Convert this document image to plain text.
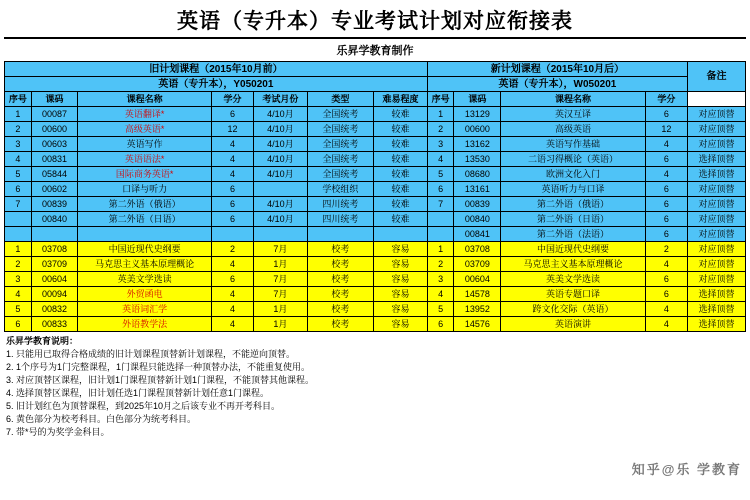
英语（专升本）专业考试计划对应衔接表
乐昇学教育制作
旧计划课程（2015年10月前）							新计划课程（2015年10月后）				备注
英语（专升本），Y050201							英语（专升本），W050201				
序号	课码	课程名称	学分	考试月份	类型	难易程度	序号	课码	课程名称	学分	
1	00087	英语翻译*	6	4/10月	全国统考	较难	1	13129	英汉互译	6	对应顶替
2	00600	高级英语*	12	4/10月	全国统考	较难	2	00600	高级英语	12	对应顶替
3	00603	英语写作	4	4/10月	全国统考	较难	3	13162	英语写作基础	4	对应顶替
4	00831	英语语法*	4	4/10月	全国统考	较难	4	13530	二语习得概论（英语）	6	选择顶替
5	05844	国际商务英语*	4	4/10月	全国统考	较难	5	08680	欧洲文化入门	4	选择顶替
6	00602	口译与听力	6		学校组织	较难	6	13161	英语听力与口译	6	对应顶替
7	00839	第二外语（俄语）	6	4/10月	四川统考	较难	7	00839	第二外语（俄语）	6	对应顶替
	00840	第二外语（日语）	6	4/10月	四川统考	较难		00840	第二外语（日语）	6	对应顶替
								00841	第二外语（法语）	6	对应顶替
1	03708	中国近现代史纲要	2	7月	校考	容易	1	03708	中国近现代史纲要	2	对应顶替
2	03709	马克思主义基本原理概论	4	1月	校考	容易	2	03709	马克思主义基本原理概论	4	对应顶替
3	00604	英美文学选读	6	7月	校考	容易	3	00604	英美文学选读	6	对应顶替
4	00094	外贸函电	4	7月	校考	容易	4	14578	英语专题口译	6	选择顶替
5	00832	英语词汇学	4	1月	校考	容易	5	13952	跨文化交际（英语）	4	选择顶替
6	00833	外语教学法	4	1月	校考	容易	6	14576	英语演讲	4	选择顶替
乐昇学教育说明：
1. 只能用已取得合格成绩的旧计划课程顶替新计划课程，不能逆向顶替。
2. 1个序号为1门完整课程，1门课程只能选择一种顶替办法，不能重复使用。
3. 对应顶替区课程，旧计划1门课程顶替新计划1门课程，不能顶替其他课程。
4. 选择顶替区课程，旧计划任选1门课程顶替新计划任意1门课程。
5. 旧计划红色为顶替课程，到2025年10月之后该专业不再开考科目。
6. 黄色部分为校考科目。白色部分为统考科目。
7. 带*号的为奖学金科目。
知乎@乐 学教育
